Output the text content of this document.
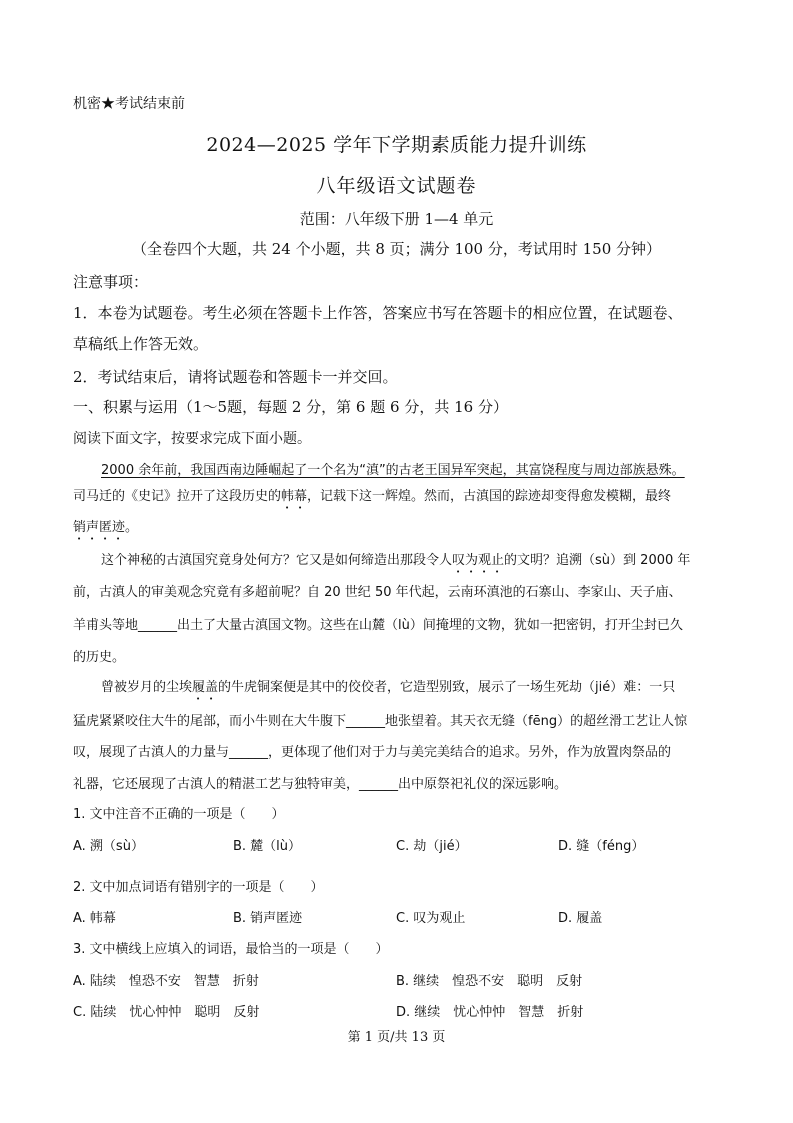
机密★考试结束前
2024—2025 学年下学期素质能力提升训练
八年级语文试题卷
范围：八年级下册 1—4 单元
（全卷四个大题，共 24 个小题，共 8 页；满分 100 分，考试用时 150 分钟）
注意事项：
1．本卷为试题卷。考生必须在答题卡上作答，答案应书写在答题卡的相应位置，在试题卷、
草稿纸上作答无效。
2．考试结束后，请将试题卷和答题卡一并交回。
一、积累与运用（1～5题，每题 2 分，第 6 题 6 分，共 16 分）
阅读下面文字，按要求完成下面小题。
2000 余年前，我国西南边陲崛起了一个名为“滇”的古老王国异军突起，其富饶程度与周边部族悬殊。
司马迁的《史记》拉开了这段历史的帏幕，记载下这一辉煌。然而，古滇国的踪迹却变得愈发模糊，最终
销声匿迹。
这个神秘的古滇国究竟身处何方？它又是如何缔造出那段令人叹为观止的文明？追溯（sù）到 2000 年
前，古滇人的审美观念究竟有多超前呢？自 20 世纪 50 年代起，云南环滇池的石寨山、李家山、天子庙、
羊甫头等地______出土了大量古滇国文物。这些在山麓（lù）间掩埋的文物，犹如一把密钥，打开尘封已久
的历史。
曾被岁月的尘埃履盖的牛虎铜案便是其中的佼佼者，它造型别致，展示了一场生死劫（jié）难：一只
猛虎紧紧咬住大牛的尾部，而小牛则在大牛腹下______地张望着。其天衣无缝（fēng）的超丝滑工艺让人惊
叹，展现了古滇人的力量与______，更体现了他们对于力与美完美结合的追求。另外，作为放置肉祭品的
礼器，它还展现了古滇人的精湛工艺与独特审美，______出中原祭祀礼仪的深远影响。
1. 文中注音不正确的一项是（　　）
A. 溯（sù）	B. 麓（lù）	C. 劫（jié）	D. 缝（féng）
2. 文中加点词语有错别字的一项是（　　）
A. 帏幕	B. 销声匿迹	C. 叹为观止	D. 履盖
3. 文中横线上应填入的词语，最恰当的一项是（　　）
A. 陆续　惶恐不安　智慧　折射	B. 继续　惶恐不安　聪明　反射
C. 陆续　忧心忡忡　聪明　反射	D. 继续　忧心忡忡　智慧　折射
第 1 页/共 13 页
